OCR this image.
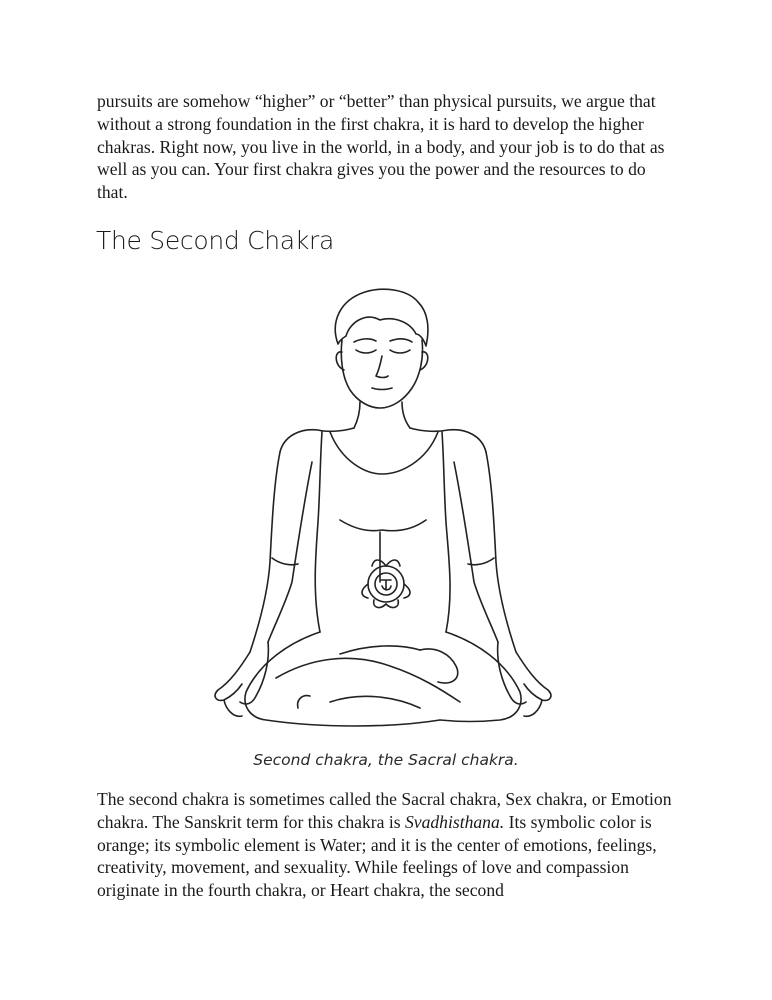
pursuits are somehow “higher” or “better” than physical pursuits, we argue that without a strong foundation in the first chakra, it is hard to develop the higher chakras. Right now, you live in the world, in a body, and your job is to do that as well as you can. Your first chakra gives you the power and the resources to do that.

The Second Chakra
Second chakra, the Sacral chakra.

The second chakra is sometimes called the Sacral chakra, Sex chakra, or Emotion chakra. The Sanskrit term for this chakra is Svadhisthana. Its symbolic color is orange; its symbolic element is Water; and it is the center of emotions, feelings, creativity, movement, and sexuality. While feelings of love and compassion originate in the fourth chakra, or Heart chakra, the second
